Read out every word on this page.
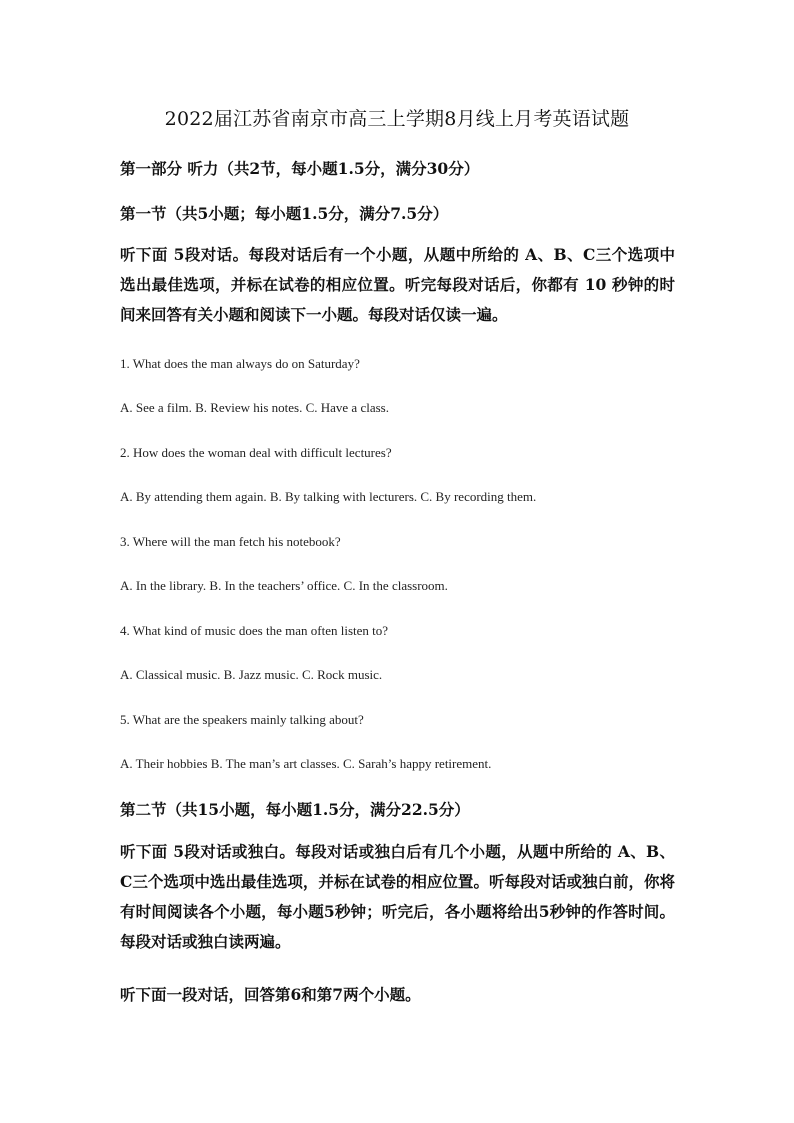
2022届江苏省南京市高三上学期8月线上月考英语试题
第一部分 听力（共2节，每小题1.5分，满分30分）
第一节（共5小题；每小题1.5分，满分7.5分）
听下面 5段对话。每段对话后有一个小题，从题中所给的 A、B、C三个选项中选出最佳选项，并标在试卷的相应位置。听完每段对话后，你都有 10 秒钟的时间来回答有关小题和阅读下一小题。每段对话仅读一遍。
1. What does the man always do on Saturday?
A. See a film. B. Review his notes. C. Have a class.
2. How does the woman deal with difficult lectures?
A. By attending them again. B. By talking with lecturers. C. By recording them.
3. Where will the man fetch his notebook?
A. In the library. B. In the teachers’ office. C. In the classroom.
4. What kind of music does the man often listen to?
A. Classical music. B. Jazz music. C. Rock music.
5. What are the speakers mainly talking about?
A. Their hobbies B. The man’s art classes. C. Sarah’s happy retirement.
第二节（共15小题，每小题1.5分，满分22.5分）
听下面 5段对话或独白。每段对话或独白后有几个小题，从题中所给的 A、B、C三个选项中选出最佳选项，并标在试卷的相应位置。听每段对话或独白前，你将有时间阅读各个小题，每小题5秒钟；听完后，各小题将给出5秒钟的作答时间。每段对话或独白读两遍。
听下面一段对话，回答第6和第7两个小题。
